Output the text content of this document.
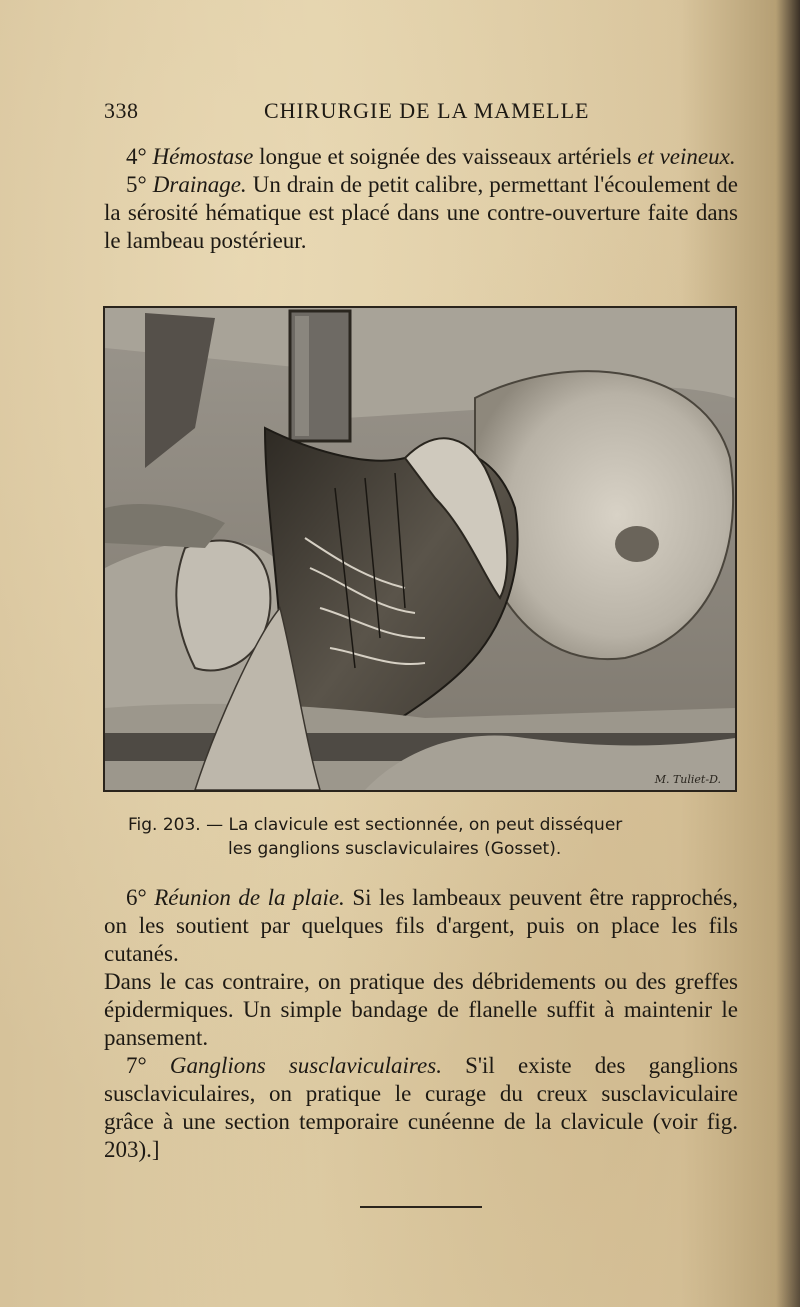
338	CHIRURGIE DE LA MAMELLE

4° Hémostase longue et soignée des vaisseaux artériels et veineux.

5° Drainage. Un drain de petit calibre, permettant l'écoulement de la sérosité hématique est placé dans une contre-ouverture faite dans le lambeau postérieur.

M. Tuliet-D.
Fig. 203. — La clavicule est sectionnée, on peut disséquer
les ganglions susclaviculaires (Gosset).

6° Réunion de la plaie. Si les lambeaux peuvent être rapprochés, on les soutient par quelques fils d'argent, puis on place les fils cutanés.

Dans le cas contraire, on pratique des débridements ou des greffes épidermiques. Un simple bandage de flanelle suffit à maintenir le pansement.

7° Ganglions susclaviculaires. S'il existe des ganglions susclaviculaires, on pratique le curage du creux susclaviculaire grâce à une section temporaire cunéenne de la clavicule (voir fig. 203).]
